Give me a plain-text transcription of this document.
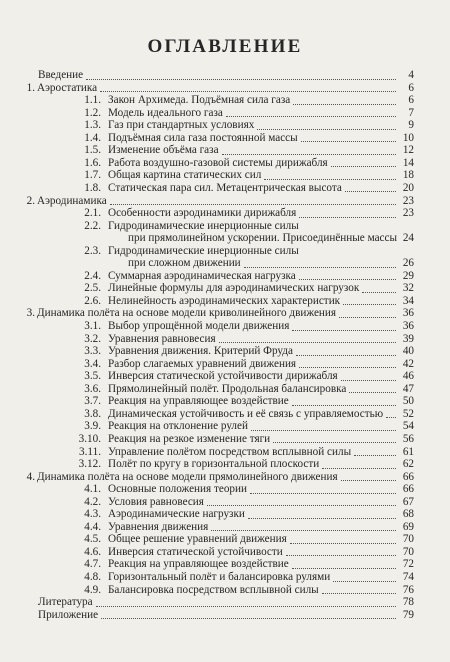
ОГЛАВЛЕНИЕ
Введение	4
1. Аэростатика	6
1.1. Закон Архимеда. Подъёмная сила газа	6
1.2. Модель идеального газа	7
1.3. Газ при стандартных условиях	9
1.4. Подъёмная сила газа постоянной массы	10
1.5. Изменение объёма газа	12
1.6. Работа воздушно-газовой системы дирижабля	14
1.7. Общая картина статических сил	18
1.8. Статическая пара сил. Метацентрическая высота	20
2. Аэродинамика	23
2.1. Особенности аэродинамики дирижабля	23
2.2. Гидродинамические инерционные силы
при прямолинейном ускорении. Присоединённые массы 24
2.3. Гидродинамические инерционные силы
при сложном движении	26
2.4. Суммарная аэродинамическая нагрузка	29
2.5. Линейные формулы для аэродинамических нагрузок	32
2.6. Нелинейность аэродинамических характеристик	34
3. Динамика полёта на основе модели криволинейного движения	36
3.1. Выбор упрощённой модели движения	36
3.2. Уравнения равновесия	39
3.3. Уравнения движения. Критерий Фруда	40
3.4. Разбор слагаемых уравнений движения	42
3.5. Инверсия статической устойчивости дирижабля	46
3.6. Прямолинейный полёт. Продольная балансировка	47
3.7. Реакция на управляющее воздействие	50
3.8. Динамическая устойчивость и её связь с управляемостью	52
3.9. Реакция на отклонение рулей	54
3.10. Реакция на резкое изменение тяги	56
3.11. Управление полётом посредством всплывной силы	61
3.12. Полёт по кругу в горизонтальной плоскости	62
4. Динамика полёта на основе модели прямолинейного движения	66
4.1. Основные положения теории	66
4.2. Условия равновесия	67
4.3. Аэродинамические нагрузки	68
4.4. Уравнения движения	69
4.5. Общее решение уравнений движения	70
4.6. Инверсия статической устойчивости	70
4.7. Реакция на управляющее воздействие	72
4.8. Горизонтальный полёт и балансировка рулями	74
4.9. Балансировка посредством всплывной силы	76
Литература	78
Приложение	79
